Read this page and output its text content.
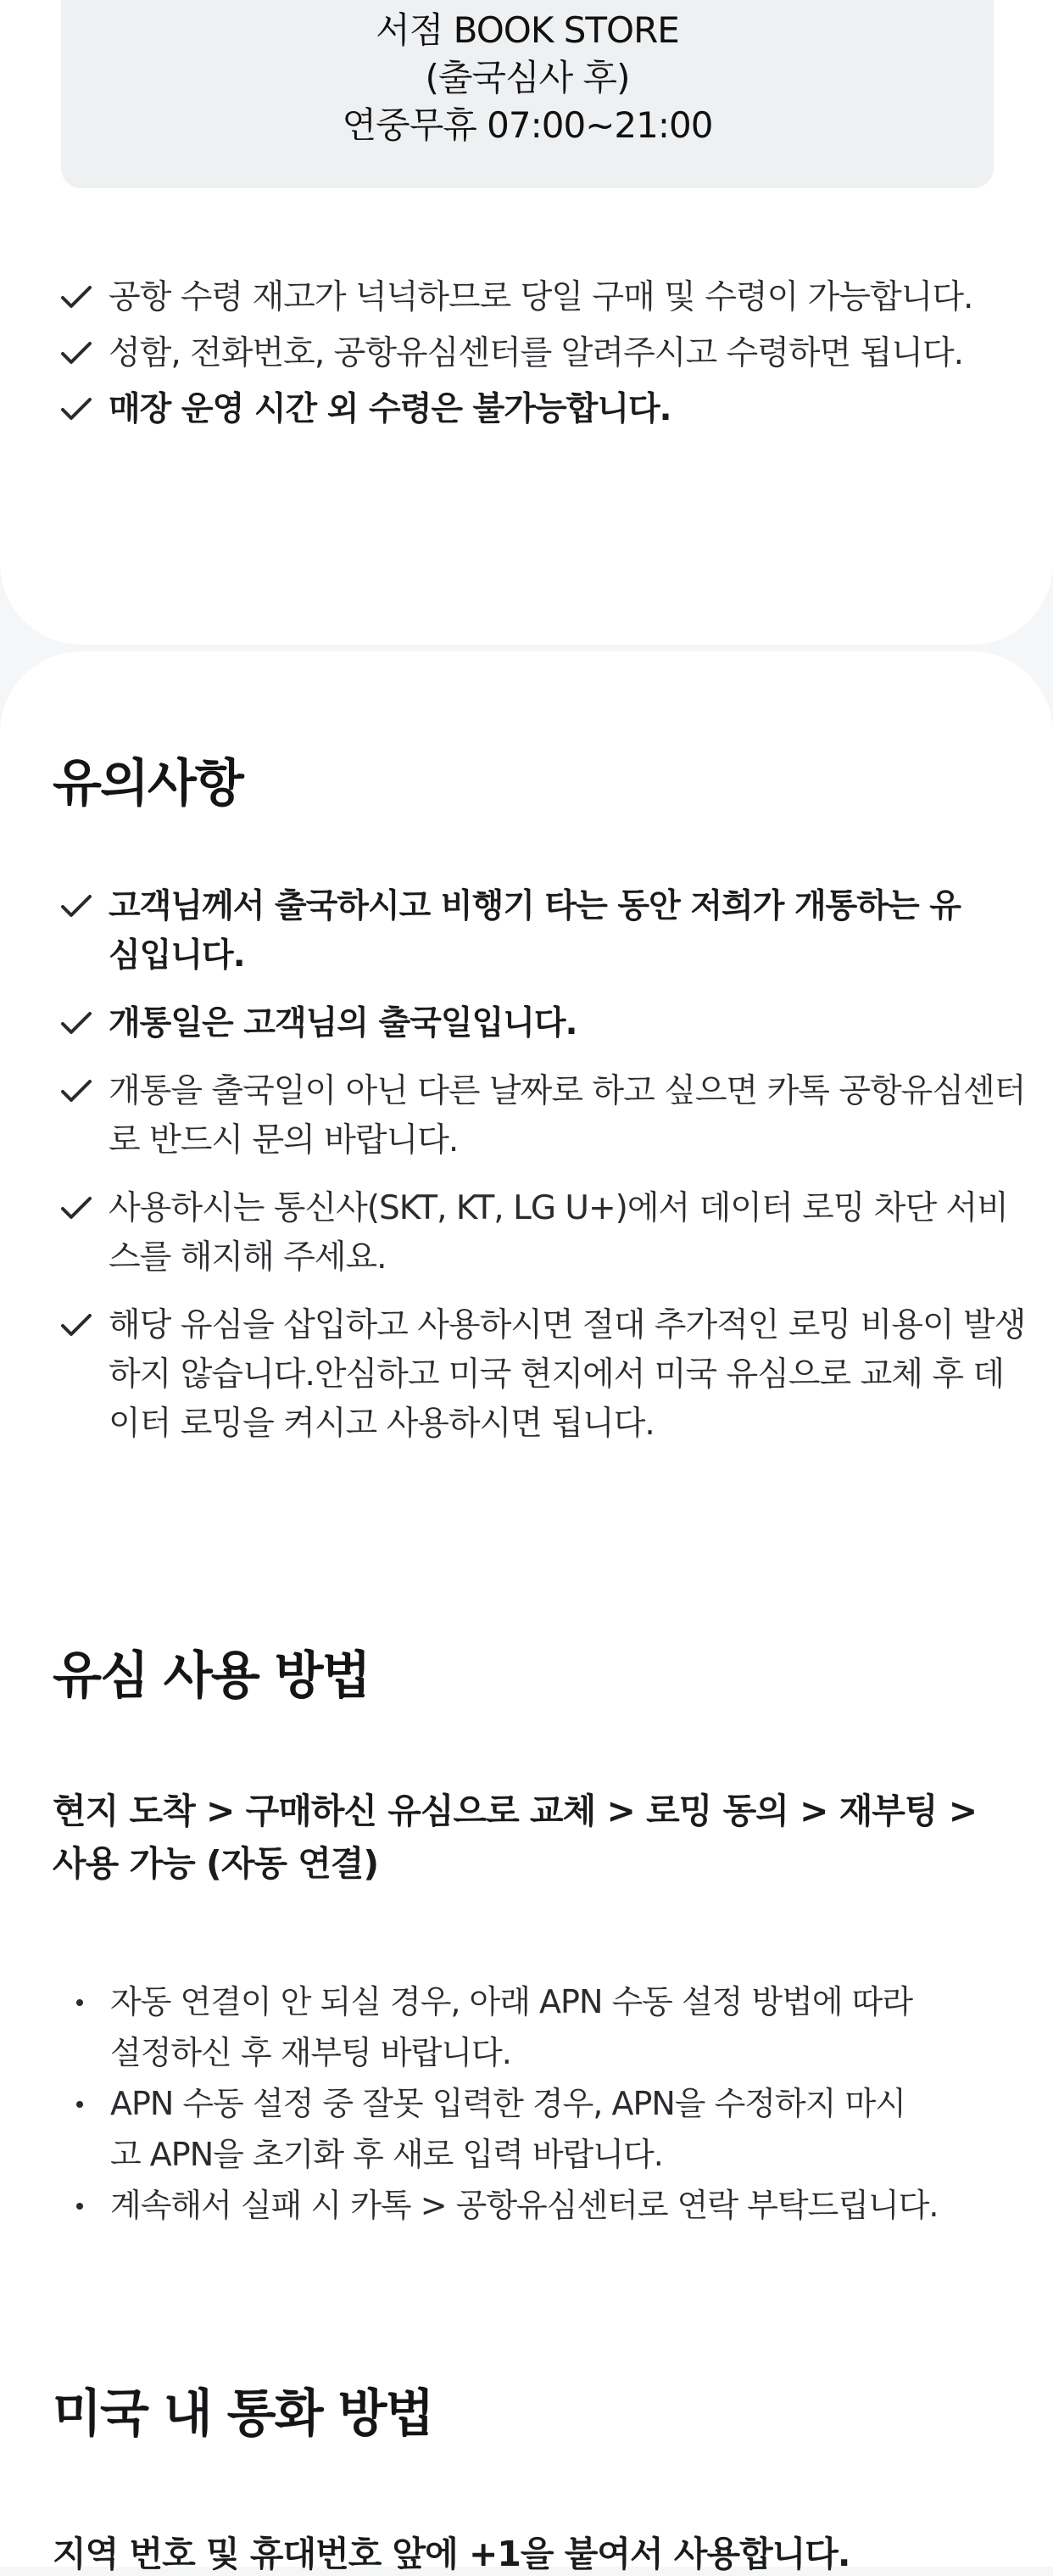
서점 BOOK STORE
(출국심사 후)
연중무휴 07:00~21:00
공항 수령 재고가 넉넉하므로 당일 구매 및 수령이 가능합니다.
성함, 전화번호, 공항유심센터를 알려주시고 수령하면 됩니다.
매장 운영 시간 외 수령은 불가능합니다.
유의사항
고객님께서 출국하시고 비행기 타는 동안 저희가 개통하는 유심입니다.
개통일은 고객님의 출국일입니다.
개통을 출국일이 아닌 다른 날짜로 하고 싶으면 카톡 공항유심센터로 반드시 문의 바랍니다.
사용하시는 통신사(SKT, KT, LG U+)에서 데이터 로밍 차단 서비스를 해지해 주세요.
해당 유심을 삽입하고 사용하시면 절대 추가적인 로밍 비용이 발생하지 않습니다.안심하고 미국 현지에서 미국 유심으로 교체 후 데이터 로밍을 켜시고 사용하시면 됩니다.
유심 사용 방법
현지 도착 > 구매하신 유심으로 교체 > 로밍 동의 > 재부팅 > 사용 가능 (자동 연결)
자동 연결이 안 되실 경우, 아래 APN 수동 설정 방법에 따라 설정하신 후 재부팅 바랍니다.
APN 수동 설정 중 잘못 입력한 경우, APN을 수정하지 마시고 APN을 초기화 후 새로 입력 바랍니다.
계속해서 실패 시 카톡 > 공항유심센터로 연락 부탁드립니다.
미국 내 통화 방법
지역 번호 및 휴대번호 앞에 +1을 붙여서 사용합니다.
